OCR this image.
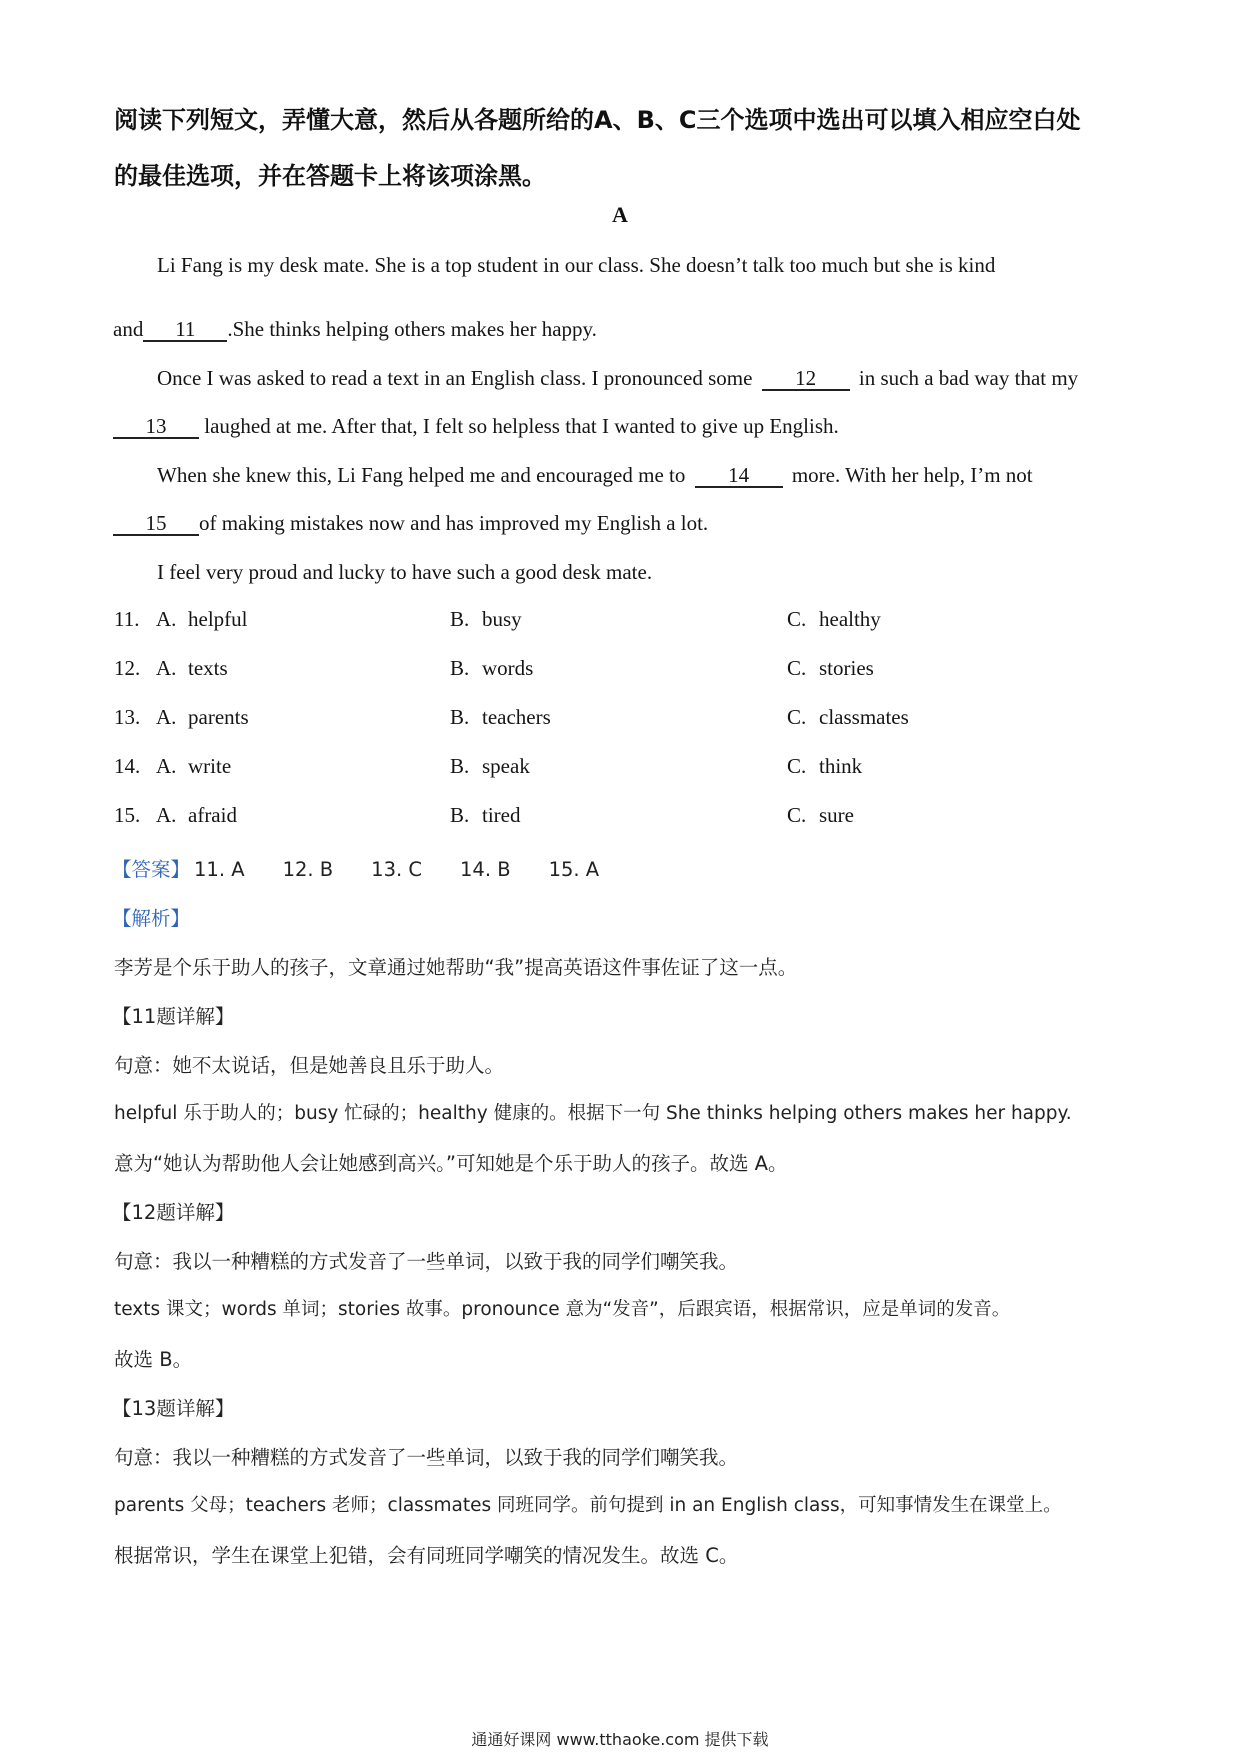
阅读下列短文，弄懂大意，然后从各题所给的A、B、C三个选项中选出可以填入相应空白处
的最佳选项，并在答题卡上将该项涂黑。
A
Li Fang is my desk mate. She is a top student in our class. She doesn’t talk too much but she is kind
and 11 .She thinks helping others makes her happy.
Once I was asked to read a text in an English class. I pronounced some 12 in such a bad way that my
13 laughed at me. After that, I felt so helpless that I wanted to give up English.
When she knew this, Li Fang helped me and encouraged me to 14 more. With her help, I’m not
15 of making mistakes now and has improved my English a lot.
I feel very proud and lucky to have such a good desk mate.
11. A. helpful	B. busy	C. healthy
12. A. texts	B. words	C. stories
13. A. parents	B. teachers	C. classmates
14. A. write	B. speak	C. think
15. A. afraid	B. tired	C. sure
【答案】 11. A 12. B 13. C 14. B 15. A
【解析】
李芳是个乐于助人的孩子，文章通过她帮助“我”提高英语这件事佐证了这一点。
【11题详解】
句意：她不太说话，但是她善良且乐于助人。
helpful 乐于助人的；busy 忙碌的；healthy 健康的。根据下一句 She thinks helping others makes her happy.
意为“她认为帮助他人会让她感到高兴。”可知她是个乐于助人的孩子。故选 A。
【12题详解】
句意：我以一种糟糕的方式发音了一些单词，以致于我的同学们嘲笑我。
texts 课文；words 单词；stories 故事。pronounce 意为“发音”，后跟宾语，根据常识，应是单词的发音。
故选 B。
【13题详解】
句意：我以一种糟糕的方式发音了一些单词，以致于我的同学们嘲笑我。
parents 父母；teachers 老师；classmates 同班同学。前句提到 in an English class，可知事情发生在课堂上。
根据常识，学生在课堂上犯错，会有同班同学嘲笑的情况发生。故选 C。
通通好课网 www.tthaoke.com 提供下载
